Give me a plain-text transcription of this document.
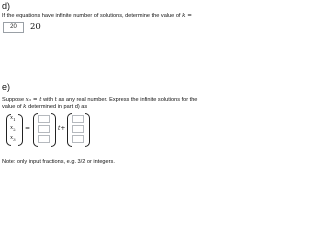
d)
If the equations have infinite number of solutions, determine the value of k =
20	20
e)
Suppose x₃ = t with t as any real number. Express the infinite solutions for the
value of k determined in part d) as
$x_1$
$x_2$
$x_3$
=	t+
Note: only input fractions, e.g. 3/2 or integers.
